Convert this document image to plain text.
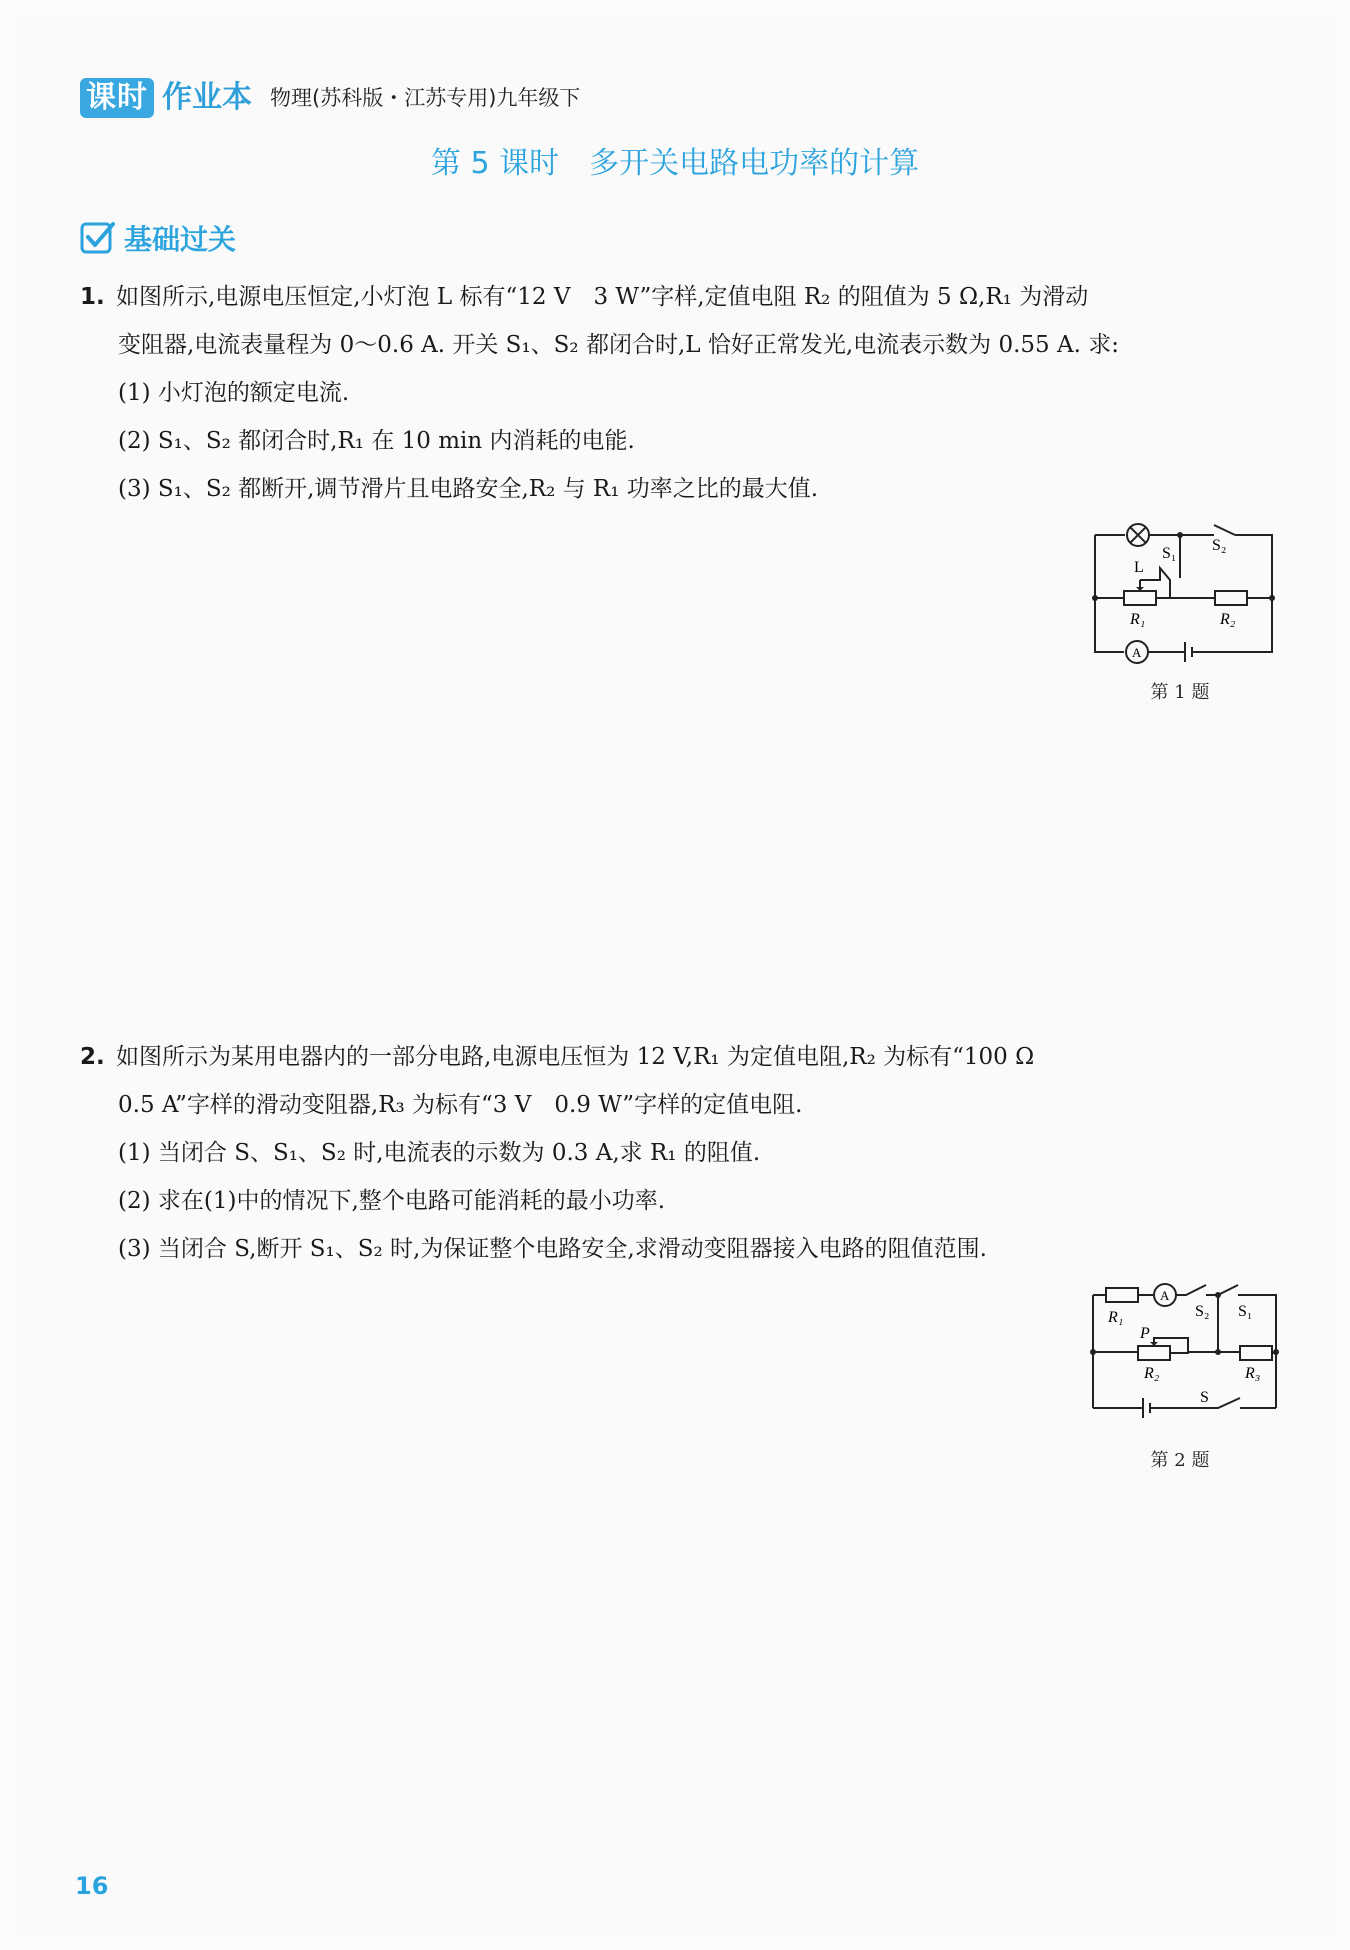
课时 作业本 物理(苏科版・江苏专用)九年级下
第 5 课时　多开关电路电功率的计算
基础过关
1. 如图所示,电源电压恒定,小灯泡 L 标有“12 V　3 W”字样,定值电阻 R₂ 的阻值为 5 Ω,R₁ 为滑动
变阻器,电流表量程为 0～0.6 A. 开关 S₁、S₂ 都闭合时,L 恰好正常发光,电流表示数为 0.55 A. 求:
(1) 小灯泡的额定电流.
(2) S₁、S₂ 都闭合时,R₁ 在 10 min 内消耗的电能.
(3) S₁、S₂ 都断开,调节滑片且电路安全,R₂ 与 R₁ 功率之比的最大值.
L
S₁ S₂
R₁	R₂
A
第 1 题
2. 如图所示为某用电器内的一部分电路,电源电压恒为 12 V,R₁ 为定值电阻,R₂ 为标有“100 Ω
0.5 A”字样的滑动变阻器,R₃ 为标有“3 V　0.9 W”字样的定值电阻.
(1) 当闭合 S、S₁、S₂ 时,电流表的示数为 0.3 A,求 R₁ 的阻值.
(2) 求在(1)中的情况下,整个电路可能消耗的最小功率.
(3) 当闭合 S,断开 S₁、S₂ 时,为保证整个电路安全,求滑动变阻器接入电路的阻值范围.
R₁
A
S₂ S₁
P
R₂	R₃
S
第 2 题
16
